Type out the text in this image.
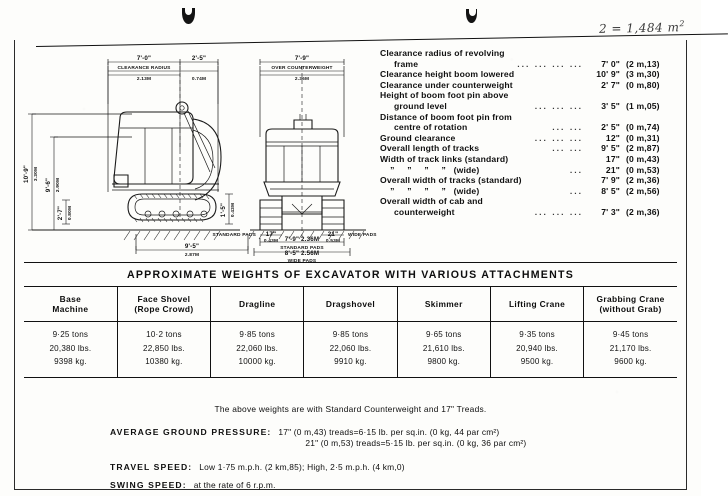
2 = 1,484 $m^2$
7'-0"
CLEARANCE RADIUS
2.13M
2'-5"
0.74M
10'-9" 3.30M
9'-6" 2.90M
2'-7" 0.80M	1'-5" 0.43M
9'-5"
2.87M
7'-9"
OVER COUNTERWEIGHT
2.36M
STANDARD PADS 17"
0.43M
21"
0.53M
WIDE PADS
7'-9" 2.36M
STANDARD PADS
8'-5" 2.56M
WIDE PADS
Clearance radius of revolving
frame	... ... ... ...	7' 0" (2 m,13)
Clearance height boom lowered	10' 9" (3 m,30)
Clearance under counterweight	2' 7" (0 m,80)
Height of boom foot pin above
ground level	... ... ...	3' 5" (1 m,05)
Distance of boom foot pin from
centre of rotation	... ...	2' 5" (0 m,74)
Ground clearance	... ... ...	12" (0 m,31)
Overall length of tracks	... ...	9' 5" (2 m,87)
Width of track links (standard)	17" (0 m,43)
”     ”     ”     ”   (wide)	...	21" (0 m,53)
Overall width of tracks (standard)	7' 9" (2 m,36)
”     ”     ”     ”   (wide)	...	8' 5" (2 m,56)
Overall width of cab and
counterweight	... ... ...	7' 3" (2 m,36)
APPROXIMATE WEIGHTS OF EXCAVATOR WITH VARIOUS ATTACHMENTS
Base
Machine	Face Shovel
(Rope Crowd)	Dragline	Dragshovel	Skimmer	Lifting Crane	Grabbing Crane
(without Grab)

9·25 tons
20,380 lbs.
9398 kg.	10·2 tons
22,850 lbs.
10380 kg.	9·85 tons
22,060 lbs.
10000 kg.	9·85 tons
22,060 lbs.
9910 kg.	9·65 tons
21,610 lbs.
9800 kg.	9·35 tons
20,940 lbs.
9500 kg.	9·45 tons
21,170 lbs.
9600 kg.
The above weights are with Standard Counterweight and 17" Treads.
AVERAGE GROUND PRESSURE: 17" (0 m,43) treads=6·15 lb. per sq.in. (0 kg, 44 par cm²)
21" (0 m,53) treads=5·15 lb. per sq.in. (0 kg, 36 par cm²)
TRAVEL SPEED: Low 1·75 m.p.h. (2 km,85); High, 2·5 m.p.h. (4 km,0)
SWING SPEED: at the rate of 6 r.p.m.
